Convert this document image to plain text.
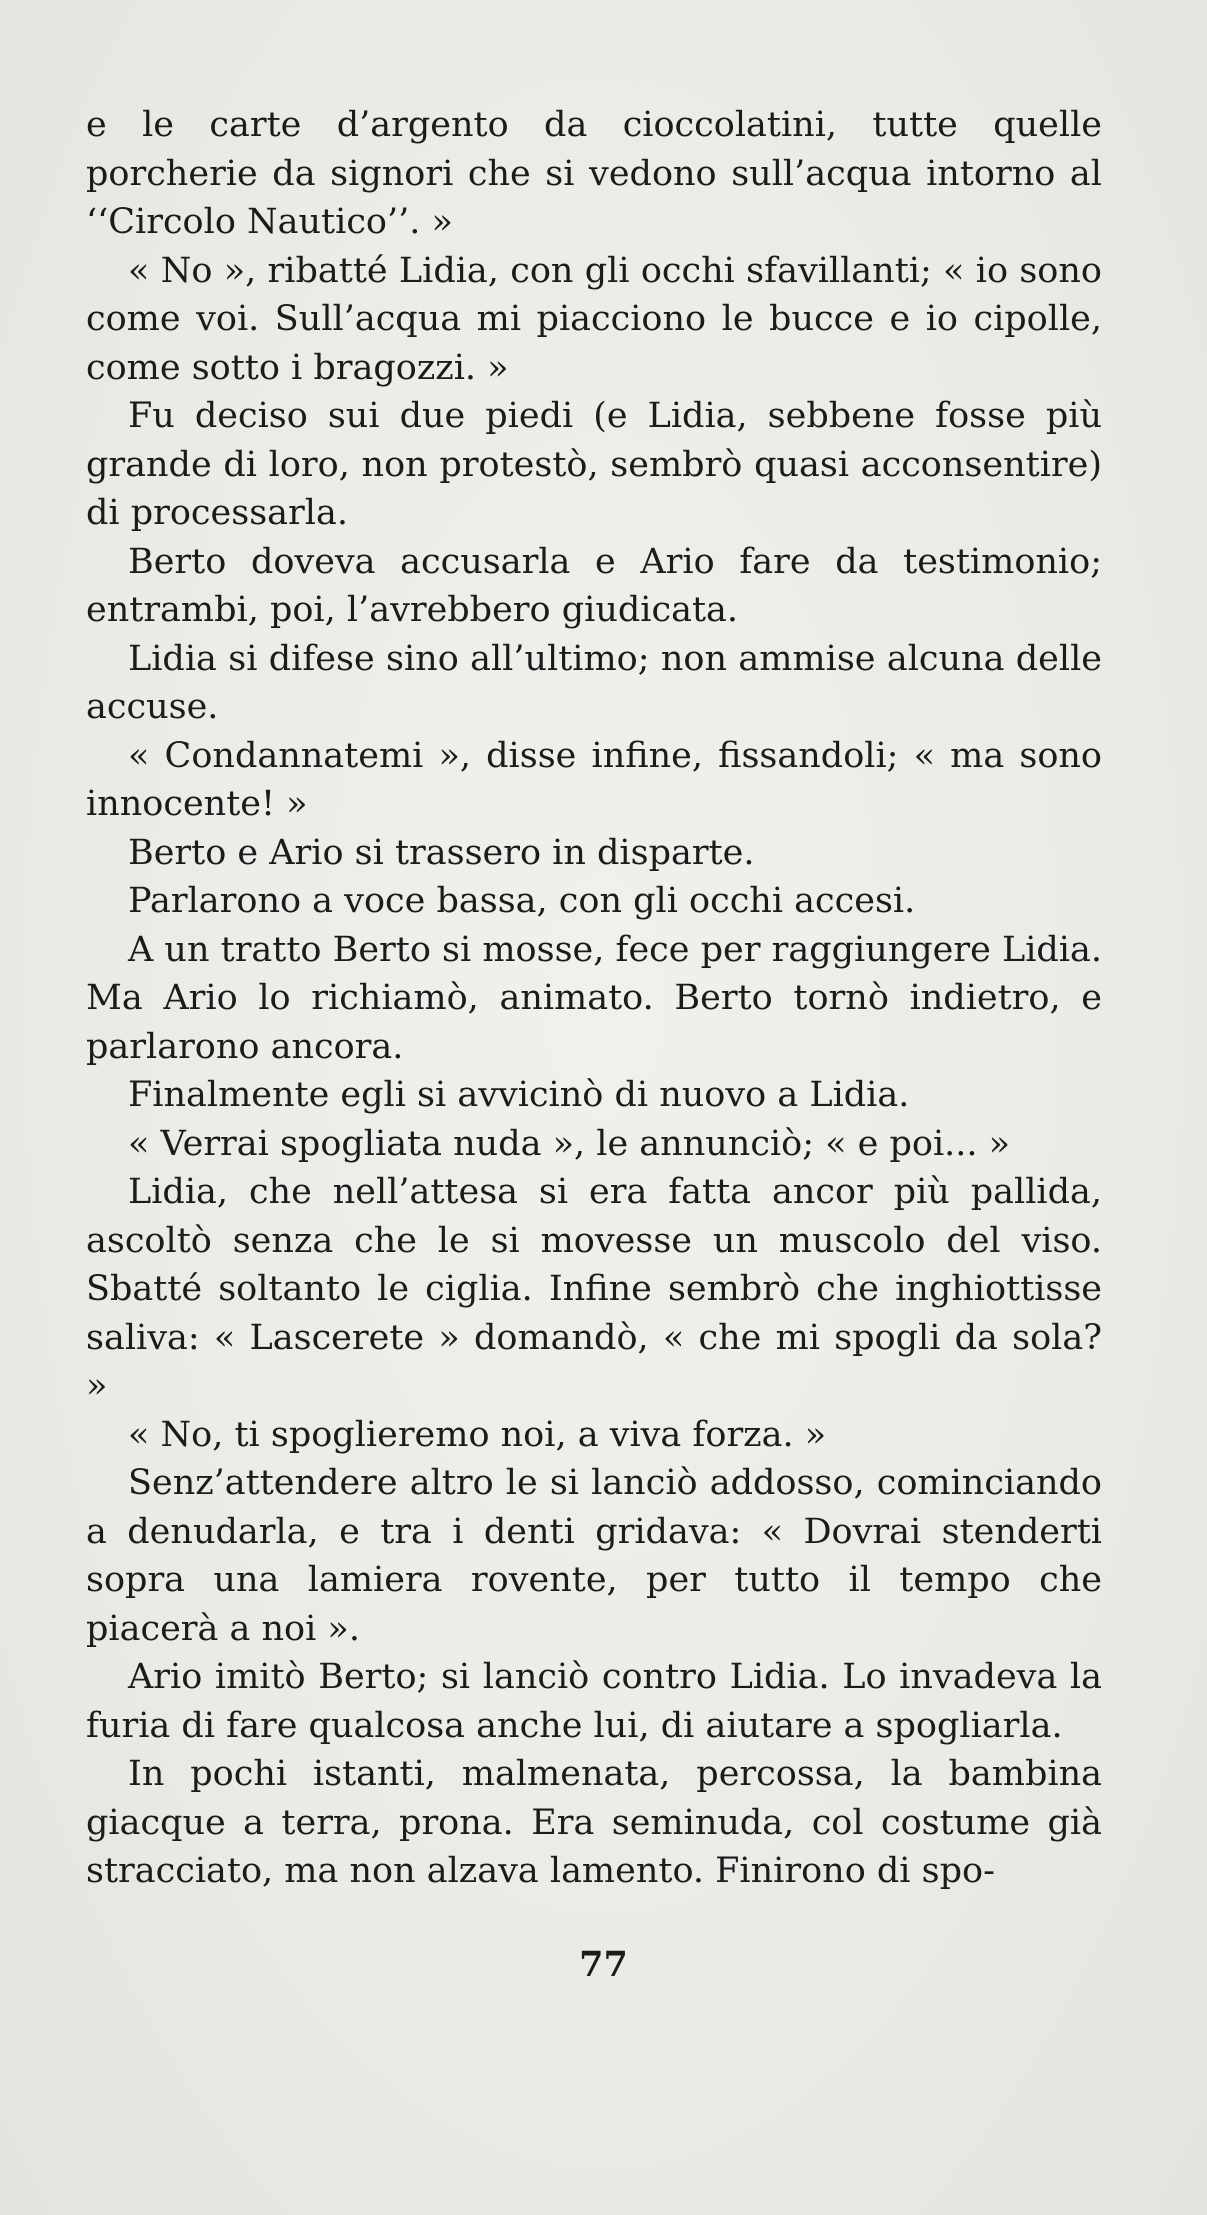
e le carte d’argento da cioccolatini, tutte quelle porcherie da signori che si vedono sull’acqua intorno al ‘‘Circolo Nautico’’. »

« No », ribatté Lidia, con gli occhi sfavillanti; « io sono come voi. Sull’acqua mi piacciono le bucce e io cipolle, come sotto i bragozzi. »

Fu deciso sui due piedi (e Lidia, sebbene fosse più grande di loro, non protestò, sembrò quasi acconsentire) di processarla.

Berto doveva accusarla e Ario fare da testimonio; entrambi, poi, l’avrebbero giudicata.

Lidia si difese sino all’ultimo; non ammise alcuna delle accuse.

« Condannatemi », disse infine, fissandoli; « ma sono innocente! »

Berto e Ario si trassero in disparte.

Parlarono a voce bassa, con gli occhi accesi.

A un tratto Berto si mosse, fece per raggiungere Lidia. Ma Ario lo richiamò, animato. Berto tornò indietro, e parlarono ancora.

Finalmente egli si avvicinò di nuovo a Lidia.

« Verrai spogliata nuda », le annunciò; « e poi... »

Lidia, che nell’attesa si era fatta ancor più pallida, ascoltò senza che le si movesse un muscolo del viso. Sbatté soltanto le ciglia. Infine sembrò che inghiottisse saliva: « Lascerete » domandò, « che mi spogli da sola? »

« No, ti spoglieremo noi, a viva forza. »

Senz’attendere altro le si lanciò addosso, cominciando a denudarla, e tra i denti gridava: « Dovrai stenderti sopra una lamiera rovente, per tutto il tempo che piacerà a noi ».

Ario imitò Berto; si lanciò contro Lidia. Lo invadeva la furia di fare qualcosa anche lui, di aiutare a spogliarla.

In pochi istanti, malmenata, percossa, la bambina giacque a terra, prona. Era seminuda, col costume già stracciato, ma non alzava lamento. Finirono di spo-

77
